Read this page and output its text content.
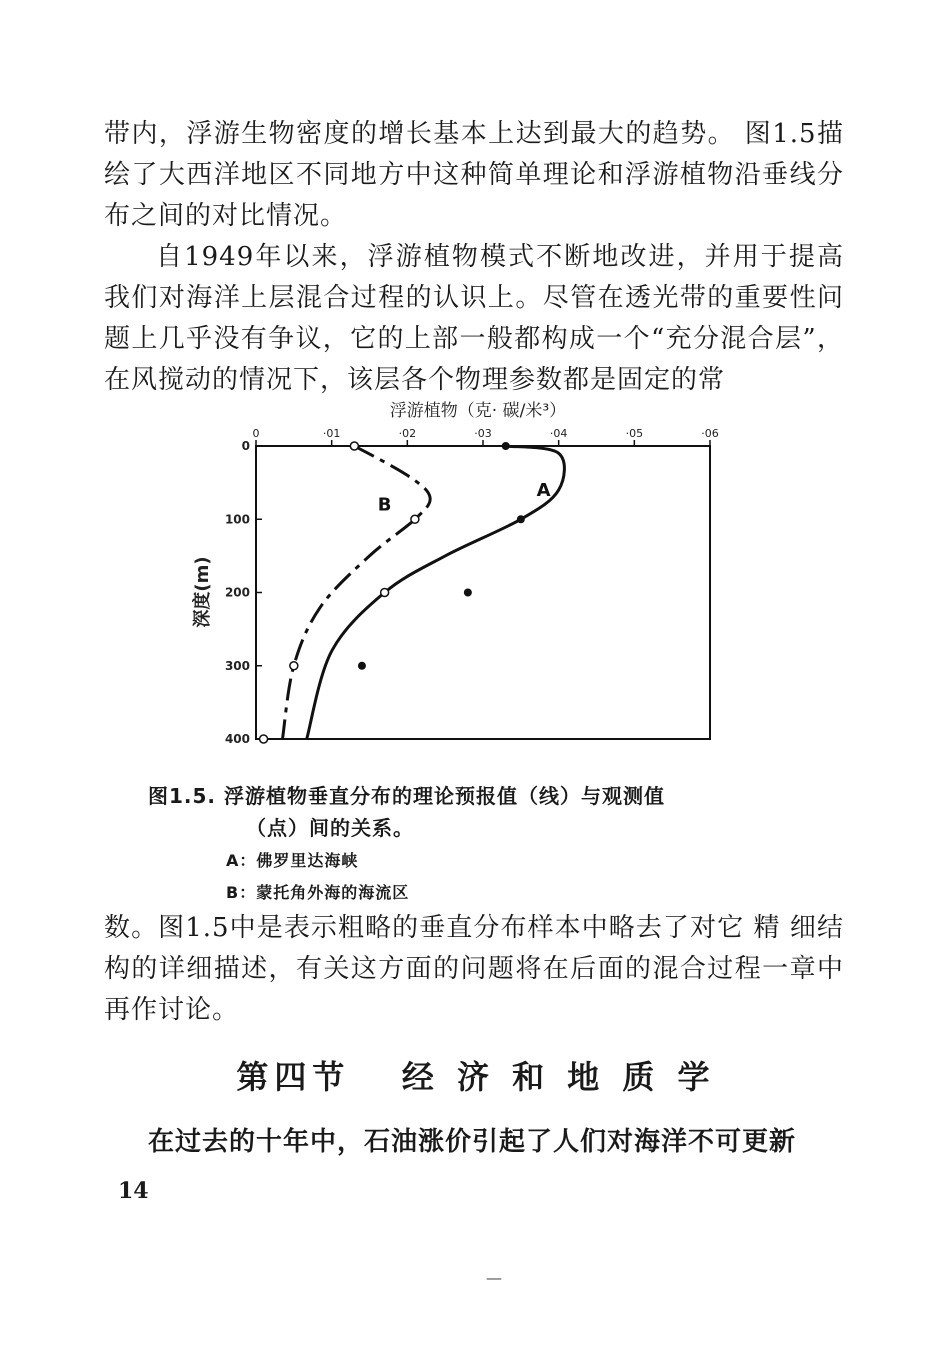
带内，浮游生物密度的增长基本上达到最大的趋势。 图1.5描绘了大西洋地区不同地方中这种简单理论和浮游植物沿垂线分布之间的对比情况。

自1949年以来，浮游植物模式不断地改进，并用于提高我们对海洋上层混合过程的认识上。尽管在透光带的重要性问题上几乎没有争议，它的上部一般都构成一个“充分混合层”，在风搅动的情况下，该层各个物理参数都是固定的常

浮游植物（克· 碳/米³）
深度(m)
0	·01	·02	·03	·04	·05	·06
0
100
200
300
400
A
B

图1.5. 浮游植物垂直分布的理论预报值（线）与观测值

（点）间的关系。

A：佛罗里达海峡

B：蒙托角外海的海流区

数。图1.5中是表示粗略的垂直分布样本中略去了对它 精 细结构的详细描述，有关这方面的问题将在后面的混合过程一章中再作讨论。

第四节   经 济 和 地 质 学

在过去的十年中，石油涨价引起了人们对海洋不可更新

14

—
